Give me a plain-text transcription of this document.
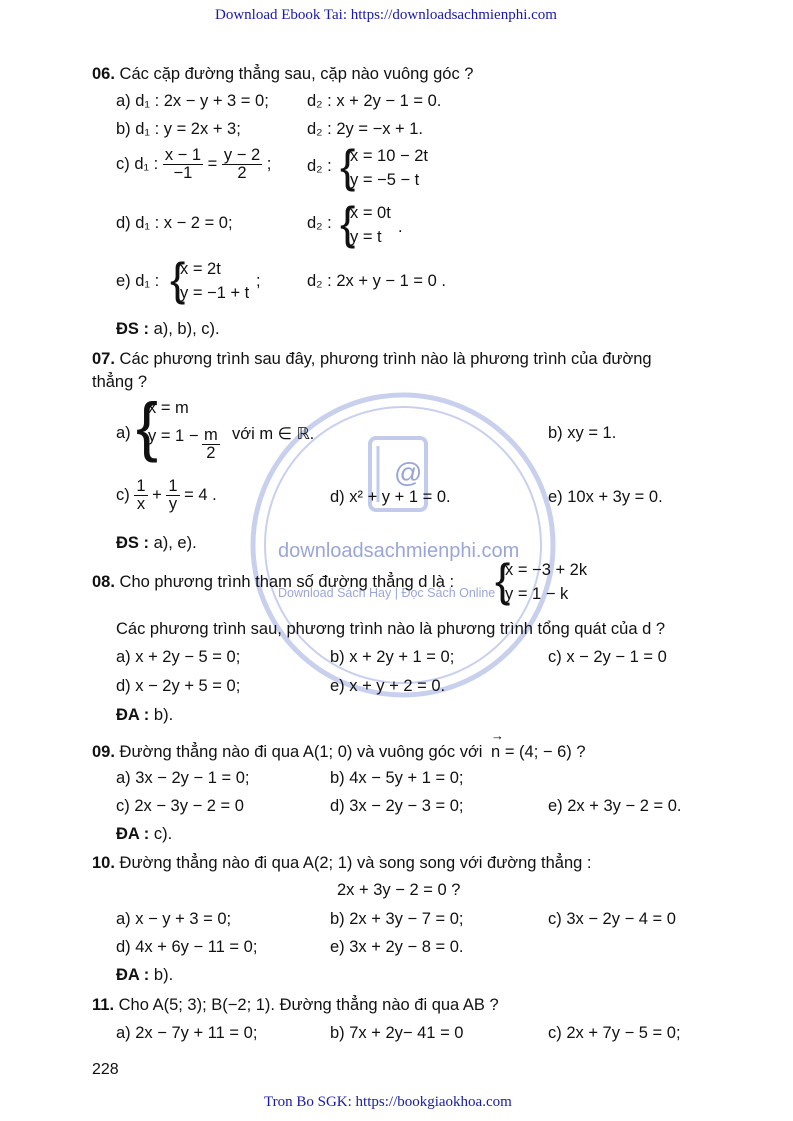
Download Ebook Tai: https://downloadsachmienphi.com
Tron Bo SGK: https://bookgiaokhoa.com
228
@
downloadsachmienphi.com
Download Sách Hay | Đọc Sách Online
06. Các cặp đường thẳng sau, cặp nào vuông góc ?
a) d₁ : 2x − y + 3 = 0; d₂ : x + 2y − 1 = 0.
b) d₁ : y = 2x + 3;	d₂ : 2y = −x + 1.
c) d₁ : $\frac{x - 1}{-1} = \frac{y - 2}{2}$ ; d₂ : {
x = 10 − 2t
y = −5 − t
d) d₁ : x − 2 = 0;	d₂ : {
x = 0t
y = t
.
e) d₁ : {
x = 2t
y = −1 + t
;	d₂ : 2x + y − 1 = 0 .
ĐS : a), b), c).
07. Các phương trình sau đây, phương trình nào là phương trình của đường
thẳng ?
a) {
x = m
$y = 1 - \frac{m}{2}$ với m ∈ ℝ.	b) xy = 1.
$c) \frac{1}{x} + \frac{1}{y} = 4$ .	d) x² + y + 1 = 0.	e) 10x + 3y = 0.
ĐS : a), e).
08. Cho phương trình tham số đường thẳng d là : {
x = −3 + 2k
y = 1 − k
Các phương trình sau, phương trình nào là phương trình tổng quát của d ?
a) x + 2y − 5 = 0;	b) x + 2y + 1 = 0;	c) x − 2y − 1 = 0
d) x − 2y + 5 = 0;	e) x + y + 2 = 0.
ĐA : b).
09. Đường thẳng nào đi qua A(1; 0) và vuông góc với
→
n = (4; − 6) ?
a) 3x − 2y − 1 = 0;	b) 4x − 5y + 1 = 0;
c) 2x − 3y − 2 = 0	d) 3x − 2y − 3 = 0;	e) 2x + 3y − 2 = 0.
ĐA : c).
10. Đường thẳng nào đi qua A(2; 1) và song song với đường thẳng :
2x + 3y − 2 = 0 ?
a) x − y + 3 = 0;	b) 2x + 3y − 7 = 0;	c) 3x − 2y − 4 = 0
d) 4x + 6y − 11 = 0;	e) 3x + 2y − 8 = 0.
ĐA : b).
11. Cho A(5; 3); B(−2; 1). Đường thẳng nào đi qua AB ?
a) 2x − 7y + 11 = 0;	b) 7x + 2y− 41 = 0	c) 2x + 7y − 5 = 0;
